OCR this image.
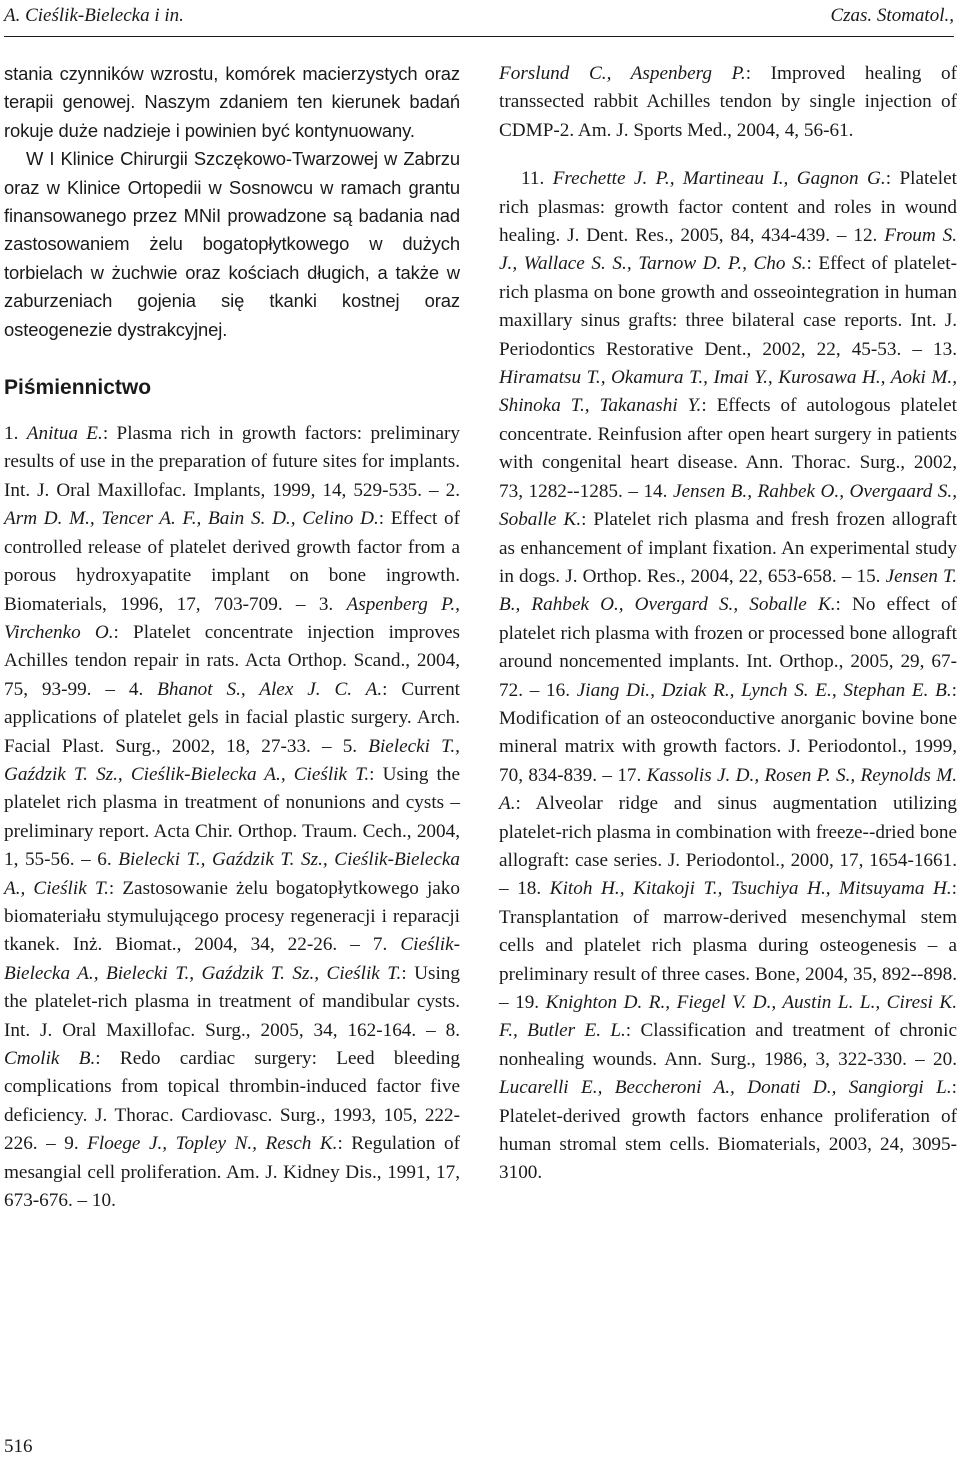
A. Cieślik-Bielecka i in.	Czas. Stomatol.,

stania czynników wzrostu, komórek macierzystych oraz terapii genowej. Naszym zdaniem ten kierunek badań rokuje duże nadzieje i powinien być kontynuowany.

W I Klinice Chirurgii Szczękowo-Twarzowej w Zabrzu oraz w Klinice Ortopedii w Sosnowcu w ramach grantu finansowanego przez MNiI prowadzone są badania nad zastosowaniem żelu bogatopłytkowego w dużych torbielach w żuchwie oraz kościach długich, a także w zaburzeniach gojenia się tkanki kostnej oraz osteogenezie dystrakcyjnej.

Piśmiennictwo

1. Anitua E.: Plasma rich in growth factors: preliminary results of use in the preparation of future sites for implants. Int. J. Oral Maxillofac. Implants, 1999, 14, 529-535. – 2. Arm D. M., Tencer A. F., Bain S. D., Celino D.: Effect of controlled release of platelet derived growth factor from a porous hydroxyapatite implant on bone ingrowth. Biomaterials, 1996, 17, 703-709. – 3. Aspenberg P., Virchenko O.: Platelet concentrate injection improves Achilles tendon repair in rats. Acta Orthop. Scand., 2004, 75, 93-99. – 4. Bhanot S., Alex J. C. A.: Current applications of platelet gels in facial plastic surgery. Arch. Facial Plast. Surg., 2002, 18, 27-33. – 5. Bielecki T., Gaździk T. Sz., Cieślik-Bielecka A., Cieślik T.: Using the platelet rich plasma in treatment of nonunions and cysts – preliminary report. Acta Chir. Orthop. Traum. Cech., 2004, 1, 55-56. – 6. Bielecki T., Gaździk T. Sz., Cieślik-Bielecka A., Cieślik T.: Zastosowanie żelu bogatopłytkowego jako biomateriału stymulującego procesy regeneracji i reparacji tkanek. Inż. Biomat., 2004, 34, 22-26. – 7. Cieślik-Bielecka A., Bielecki T., Gaździk T. Sz., Cieślik T.: Using the platelet-rich plasma in treatment of mandibular cysts. Int. J. Oral Maxillofac. Surg., 2005, 34, 162-164. – 8. Cmolik B.: Redo cardiac surgery: Leed bleeding complications from topical thrombin-induced factor five deficiency. J. Thorac. Cardiovasc. Surg., 1993, 105, 222-226. – 9. Floege J., Topley N., Resch K.: Regulation of mesangial cell proliferation. Am. J. Kidney Dis., 1991, 17, 673-676. – 10.

Forslund C., Aspenberg P.: Improved healing of transsected rabbit Achilles tendon by single injection of CDMP-2. Am. J. Sports Med., 2004, 4, 56-61.

11. Frechette J. P., Martineau I., Gagnon G.: Platelet rich plasmas: growth factor content and roles in wound healing. J. Dent. Res., 2005, 84, 434-439. – 12. Froum S. J., Wallace S. S., Tarnow D. P., Cho S.: Effect of platelet-rich plasma on bone growth and osseointegration in human maxillary sinus grafts: three bilateral case reports. Int. J. Periodontics Restorative Dent., 2002, 22, 45-53. – 13. Hiramatsu T., Okamura T., Imai Y., Kurosawa H., Aoki M., Shinoka T., Takanashi Y.: Effects of autologous platelet concentrate. Reinfusion after open heart surgery in patients with congenital heart disease. Ann. Thorac. Surg., 2002, 73, 1282--1285. – 14. Jensen B., Rahbek O., Overgaard S., Soballe K.: Platelet rich plasma and fresh frozen allograft as enhancement of implant fixation. An experimental study in dogs. J. Orthop. Res., 2004, 22, 653-658. – 15. Jensen T. B., Rahbek O., Overgard S., Soballe K.: No effect of platelet rich plasma with frozen or processed bone allograft around noncemented implants. Int. Orthop., 2005, 29, 67-72. – 16. Jiang Di., Dziak R., Lynch S. E., Stephan E. B.: Modification of an osteoconductive anorganic bovine bone mineral matrix with growth factors. J. Periodontol., 1999, 70, 834-839. – 17. Kassolis J. D., Rosen P. S., Reynolds M. A.: Alveolar ridge and sinus augmentation utilizing platelet-rich plasma in combination with freeze--dried bone allograft: case series. J. Periodontol., 2000, 17, 1654-1661. – 18. Kitoh H., Kitakoji T., Tsuchiya H., Mitsuyama H.: Transplantation of marrow-derived mesenchymal stem cells and platelet rich plasma during osteogenesis – a preliminary result of three cases. Bone, 2004, 35, 892--898. – 19. Knighton D. R., Fiegel V. D., Austin L. L., Ciresi K. F., Butler E. L.: Classification and treatment of chronic nonhealing wounds. Ann. Surg., 1986, 3, 322-330. – 20. Lucarelli E., Beccheroni A., Donati D., Sangiorgi L.: Platelet-derived growth factors enhance proliferation of human stromal stem cells. Biomaterials, 2003, 24, 3095-3100.

516
